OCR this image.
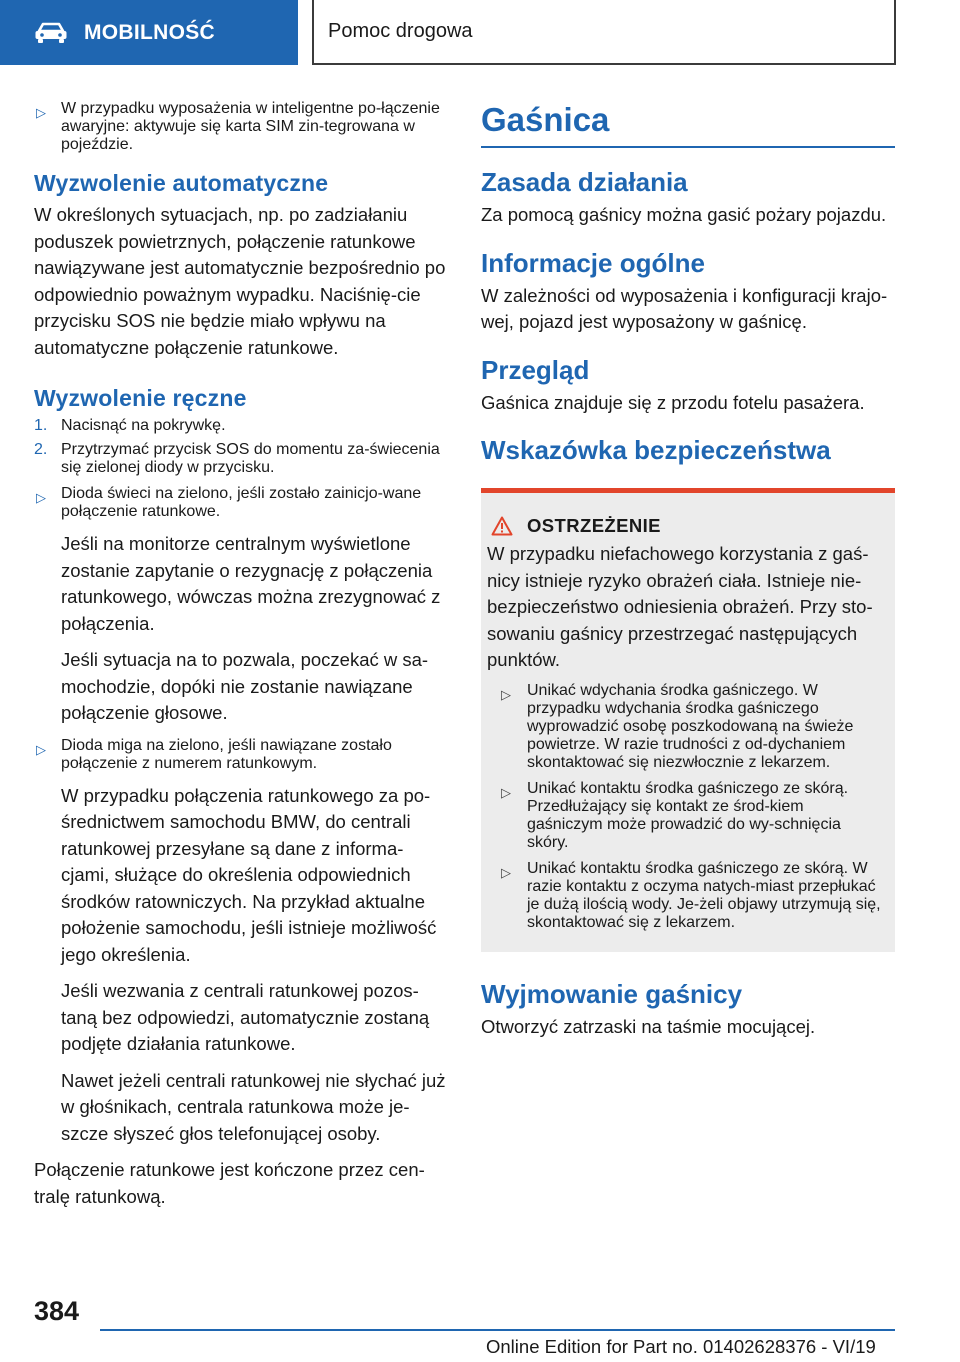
MOBILNOŚĆ	Pomoc drogowa
▷ W przypadku wyposażenia w inteligentne po-łączenie awaryjne: aktywuje się karta SIM zin-tegrowana w pojeździe.
Wyzwolenie automatyczne

W określonych sytuacjach, np. po zadziałaniu poduszek powietrznych, połączenie ratunkowe nawiązywane jest automatycznie bezpośrednio po odpowiednio poważnym wypadku. Naciśnię-cie przycisku SOS nie będzie miało wpływu na automatyczne połączenie ratunkowe.

Wyzwolenie ręczne
1. Nacisnąć na pokrywkę.
2. Przytrzymać przycisk SOS do momentu za-świecenia się zielonej diody w przycisku.
▷ Dioda świeci na zielono, jeśli zostało zainicjo-wane połączenie ratunkowe.

Jeśli na monitorze centralnym wyświetlone zostanie zapytanie o rezygnację z połączenia ratunkowego, wówczas można zrezygnować z połączenia.

Jeśli sytuacja na to pozwala, poczekać w sa-mochodzie, dopóki nie zostanie nawiązane połączenie głosowe.

▷ Dioda miga na zielono, jeśli nawiązane zostało połączenie z numerem ratunkowym.

W przypadku połączenia ratunkowego za po-średnictwem samochodu BMW, do centrali ratunkowej przesyłane są dane z informa-cjami, służące do określenia odpowiednich środków ratowniczych. Na przykład aktualne położenie samochodu, jeśli istnieje możliwość jego określenia.

Jeśli wezwania z centrali ratunkowej pozos-taną bez odpowiedzi, automatycznie zostaną podjęte działania ratunkowe.

Nawet jeżeli centrali ratunkowej nie słychać już w głośnikach, centrala ratunkowa może je-szcze słyszeć głos telefonującej osoby.

Połączenie ratunkowe jest kończone przez cen-tralę ratunkową.

Gaśnica
Zasada działania

Za pomocą gaśnicy można gasić pożary pojazdu.

Informacje ogólne

W zależności od wyposażenia i konfiguracji krajo-wej, pojazd jest wyposażony w gaśnicę.

Przegląd

Gaśnica znajduje się z przodu fotelu pasażera.

Wskazówka bezpieczeństwa
OSTRZEŻENIE

W przypadku niefachowego korzystania z gaś-nicy istnieje ryzyko obrażeń ciała. Istnieje nie-bezpieczeństwo odniesienia obrażeń. Przy sto-sowaniu gaśnicy przestrzegać następujących punktów.

▷	Unikać wdychania środka gaśniczego. W przypadku wdychania środka gaśniczego wyprowadzić osobę poszkodowaną na świeże powietrze. W razie trudności z od-dychaniem skontaktować się niezwłocznie z lekarzem.
▷	Unikać kontaktu środka gaśniczego ze skórą. Przedłużający się kontakt ze środ-kiem gaśniczym może prowadzić do wy-schnięcia skóry.
▷	Unikać kontaktu środka gaśniczego ze skórą. W razie kontaktu z oczyma natych-miast przepłukać je dużą ilością wody. Je-żeli objawy utrzymują się, skontaktować się z lekarzem.
Wyjmowanie gaśnicy

Otworzyć zatrzaski na taśmie mocującej.

384
Online Edition for Part no. 01402628376 - VI/19
